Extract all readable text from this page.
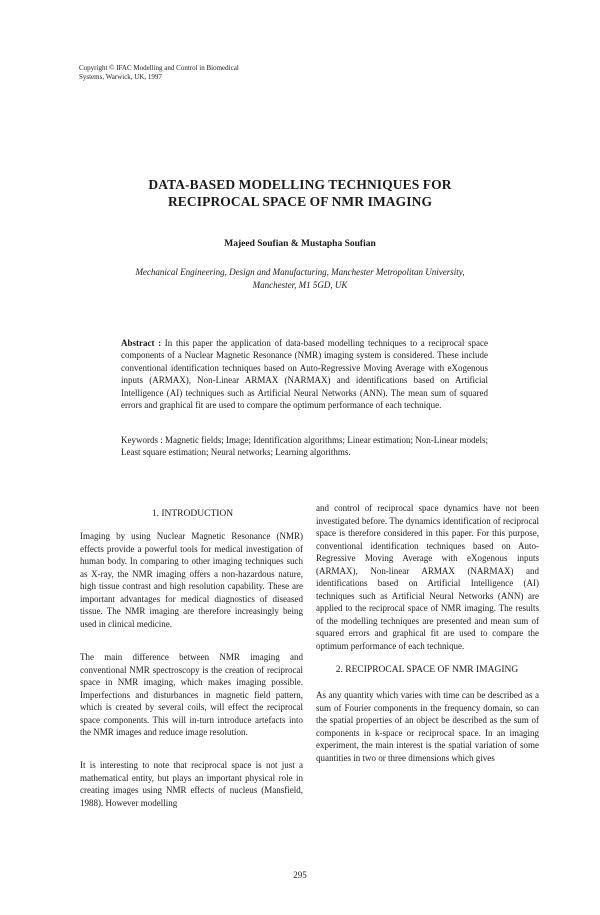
Copyright © IFAC Modelling and Control in Biomedical
Systems, Warwick, UK, 1997
DATA-BASED MODELLING TECHNIQUES FOR
RECIPROCAL SPACE OF NMR IMAGING
Majeed Soufian & Mustapha Soufian
Mechanical Engineering, Design and Manufacturing, Manchester Metropolitan University,
Manchester, M1 5GD, UK
Abstract : In this paper the application of data-based modelling techniques to a reciprocal space components of a Nuclear Magnetic Resonance (NMR) imaging system is considered. These include conventional identification techniques based on Auto-Regressive Moving Average with eXogenous inputs (ARMAX), Non-Linear ARMAX (NARMAX) and identifications based on Artificial Intelligence (AI) techniques such as Artificial Neural Networks (ANN). The mean sum of squared errors and graphical fit are used to compare the optimum performance of each technique.
Keywords : Magnetic fields; Image; Identification algorithms; Linear estimation; Non-Linear models; Least square estimation; Neural networks; Learning algorithms.
1. INTRODUCTION

Imaging by using Nuclear Magnetic Resonance (NMR) effects provide a powerful tools for medical investigation of human body. In comparing to other imaging techniques such as X-ray, the NMR imaging offers a non-hazardous nature, high tissue contrast and high resolution capability. These are important advantages for medical diagnostics of diseased tissue. The NMR imaging are therefore increasingly being used in clinical medicine.

The main difference between NMR imaging and conventional NMR spectroscopy is the creation of reciprocal space in NMR imaging, which makes imaging possible. Imperfections and disturbances in magnetic field pattern, which is created by several coils, will effect the reciprocal space components. This will in-turn introduce artefacts into the NMR images and reduce image resolution.

It is interesting to note that reciprocal space is not just a mathematical entity, but plays an important physical role in creating images using NMR effects of nucleus (Mansfield, 1988). However modelling

and control of reciprocal space dynamics have not been investigated before. The dynamics identification of reciprocal space is therefore considered in this paper. For this purpose, conventional identification techniques based on Auto-Regressive Moving Average with eXogenous inputs (ARMAX), Non-linear ARMAX (NARMAX) and identifications based on Artificial Intelligence (AI) techniques such as Artificial Neural Networks (ANN) are applied to the reciprocal space of NMR imaging. The results of the modelling techniques are presented and mean sum of squared errors and graphical fit are used to compare the optimum performance of each technique.

2. RECIPROCAL SPACE OF NMR IMAGING

As any quantity which varies with time can be described as a sum of Fourier components in the frequency domain, so can the spatial properties of an object be described as the sum of components in k-space or reciprocal space. In an imaging experiment, the main interest is the spatial variation of some quantities in two or three dimensions which gives

295
